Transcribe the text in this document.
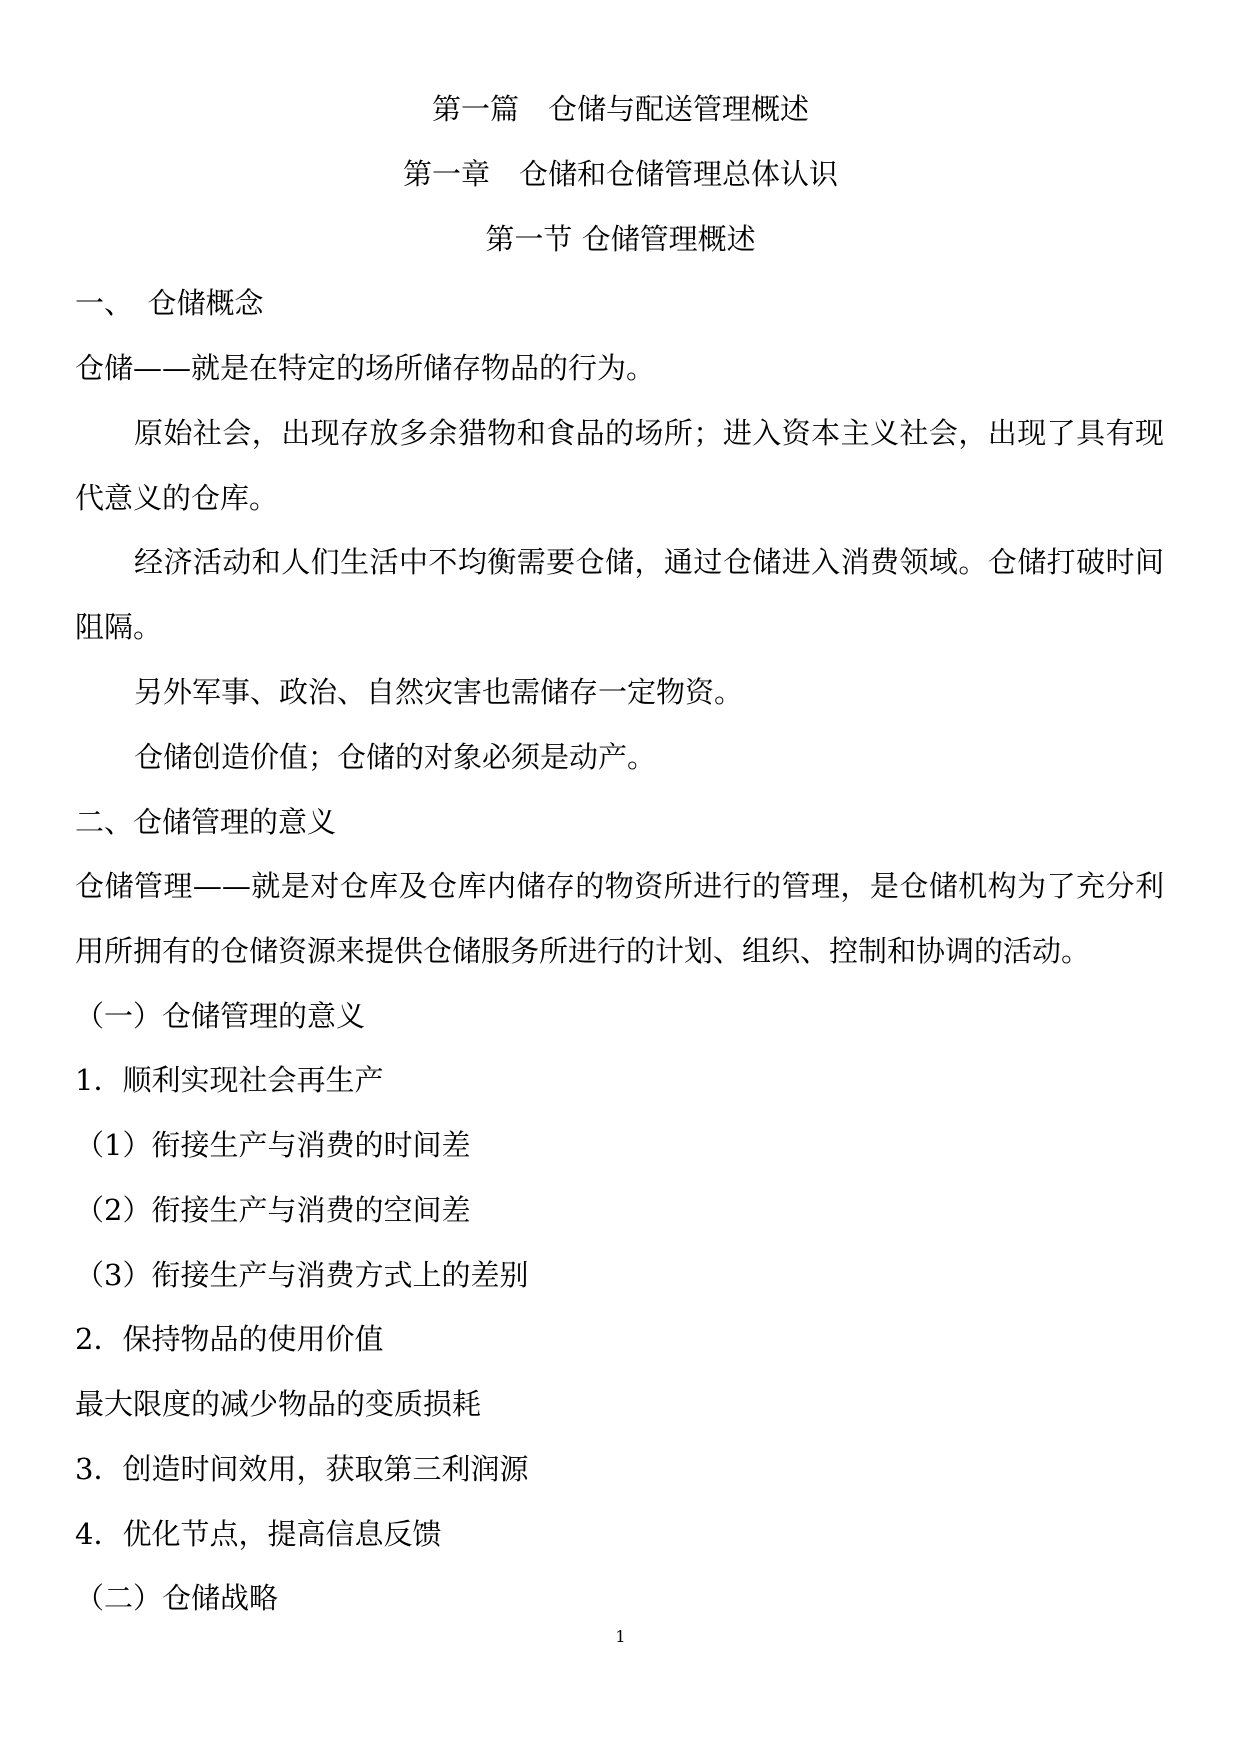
第一篇　仓储与配送管理概述
第一章　仓储和仓储管理总体认识
第一节 仓储管理概述

一、　仓储概念

仓储——就是在特定的场所储存物品的行为。

原始社会，出现存放多余猎物和食品的场所；进入资本主义社会，出现了具有现

代意义的仓库。

经济活动和人们生活中不均衡需要仓储，通过仓储进入消费领域。仓储打破时间

阻隔。

另外军事、政治、自然灾害也需储存一定物资。

仓储创造价值；仓储的对象必须是动产。

二、仓储管理的意义

仓储管理——就是对仓库及仓库内储存的物资所进行的管理，是仓储机构为了充分利

用所拥有的仓储资源来提供仓储服务所进行的计划、组织、控制和协调的活动。

（一）仓储管理的意义

1．顺利实现社会再生产

（1）衔接生产与消费的时间差

（2）衔接生产与消费的空间差

（3）衔接生产与消费方式上的差别

2．保持物品的使用价值

最大限度的减少物品的变质损耗

3．创造时间效用，获取第三利润源

4．优化节点，提高信息反馈

（二）仓储战略

1
